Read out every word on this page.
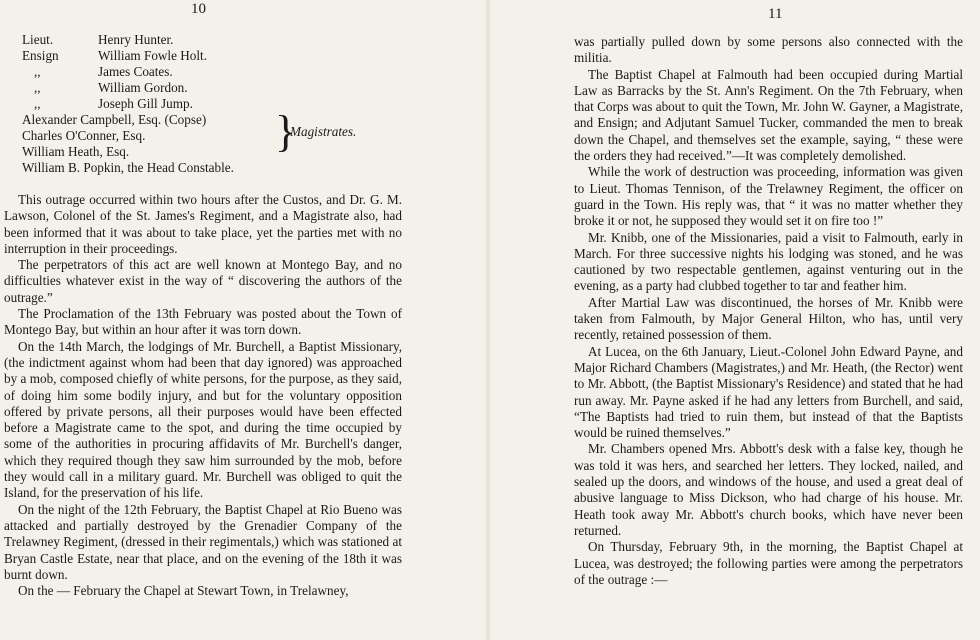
10
Lieut.	Henry Hunter.
Ensign	William Fowle Holt.
,,	James Coates.
,,	William Gordon.
,,	Joseph Gill Jump.
Alexander Campbell, Esq. (Copse)
Charles O'Conner, Esq.
William Heath, Esq.	}
Magistrates.
William B. Popkin, the Head Constable.

This outrage occurred within two hours after the Custos, and Dr. G. M. Lawson, Colonel of the St. James's Regiment, and a Magistrate also, had been informed that it was about to take place, yet the parties met with no interruption in their proceedings.

The perpetrators of this act are well known at Montego Bay, and no difficulties whatever exist in the way of “ discovering the authors of the outrage.”

The Proclamation of the 13th February was posted about the Town of Montego Bay, but within an hour after it was torn down.

On the 14th March, the lodgings of Mr. Burchell, a Baptist Missionary, (the indictment against whom had been that day ignored) was approached by a mob, composed chiefly of white persons, for the purpose, as they said, of doing him some bodily injury, and but for the voluntary opposition offered by private persons, all their purposes would have been effected before a Magistrate came to the spot, and during the time occupied by some of the authorities in procuring affidavits of Mr. Burchell's danger, which they required though they saw him surrounded by the mob, before they would call in a military guard. Mr. Burchell was obliged to quit the Island, for the preservation of his life.

On the night of the 12th February, the Baptist Chapel at Rio Bueno was attacked and partially destroyed by the Grenadier Company of the Trelawney Regiment, (dressed in their regimentals,) which was stationed at Bryan Castle Estate, near that place, and on the evening of the 18th it was burnt down.

On the — February the Chapel at Stewart Town, in Trelawney,

11

was partially pulled down by some persons also connected with the militia.

The Baptist Chapel at Falmouth had been occupied during Martial Law as Barracks by the St. Ann's Regiment. On the 7th February, when that Corps was about to quit the Town, Mr. John W. Gayner, a Magistrate, and Ensign; and Adjutant Samuel Tucker, commanded the men to break down the Chapel, and themselves set the example, saying, “ these were the orders they had received.”—It was completely demolished.

While the work of destruction was proceeding, information was given to Lieut. Thomas Tennison, of the Trelawney Regiment, the officer on guard in the Town. His reply was, that “ it was no matter whether they broke it or not, he supposed they would set it on fire too !”

Mr. Knibb, one of the Missionaries, paid a visit to Falmouth, early in March. For three successive nights his lodging was stoned, and he was cautioned by two respectable gentlemen, against venturing out in the evening, as a party had clubbed together to tar and feather him.

After Martial Law was discontinued, the horses of Mr. Knibb were taken from Falmouth, by Major General Hilton, who has, until very recently, retained possession of them.

At Lucea, on the 6th January, Lieut.-Colonel John Edward Payne, and Major Richard Chambers (Magistrates,) and Mr. Heath, (the Rector) went to Mr. Abbott, (the Baptist Missionary's Residence) and stated that he had run away. Mr. Payne asked if he had any letters from Burchell, and said, “The Baptists had tried to ruin them, but instead of that the Baptists would be ruined themselves.”

Mr. Chambers opened Mrs. Abbott's desk with a false key, though he was told it was hers, and searched her letters. They locked, nailed, and sealed up the doors, and windows of the house, and used a great deal of abusive language to Miss Dickson, who had charge of his house. Mr. Heath took away Mr. Abbott's church books, which have never been returned.

On Thursday, February 9th, in the morning, the Baptist Chapel at Lucea, was destroyed; the following parties were among the perpetrators of the outrage :—
